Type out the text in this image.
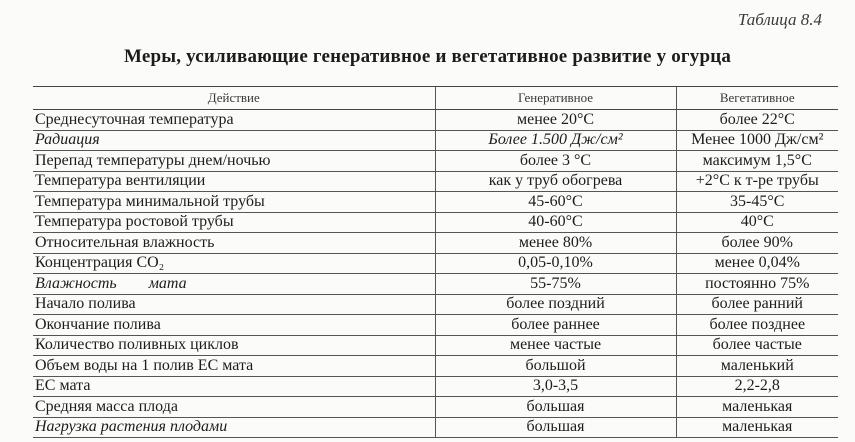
Таблица 8.4
Меры, усиливающие генеративное и вегетативное развитие у огурца
Действие	Генеративное	Вегетативное
Среднесуточная температура	менее 20°C	более 22°C
Радиация	Более 1.500 Дж/см²	Менее 1000 Дж/см²
Перепад температуры днем/ночью	более 3 °C	максимум 1,5°C
Температура вентиляции	как у труб обогрева	+2°C к т-ре трубы
Температура минимальной трубы	45-60°C	35-45°C
Температура ростовой трубы	40-60°C	40°C
Относительная влажность	менее 80%	более 90%
Концентрация CO₂	0,05-0,10%	менее 0,04%
Влажность        мата	55-75%	постоянно 75%
Начало полива	более поздний	более ранний
Окончание полива	более раннее	более позднее
Количество поливных циклов	менее частые	более частые
Объем воды на 1 полив EC мата	большой	маленький
EC мата	3,0-3,5	2,2-2,8
Средняя масса плода	большая	маленькая
Нагрузка растения плодами	большая	маленькая
